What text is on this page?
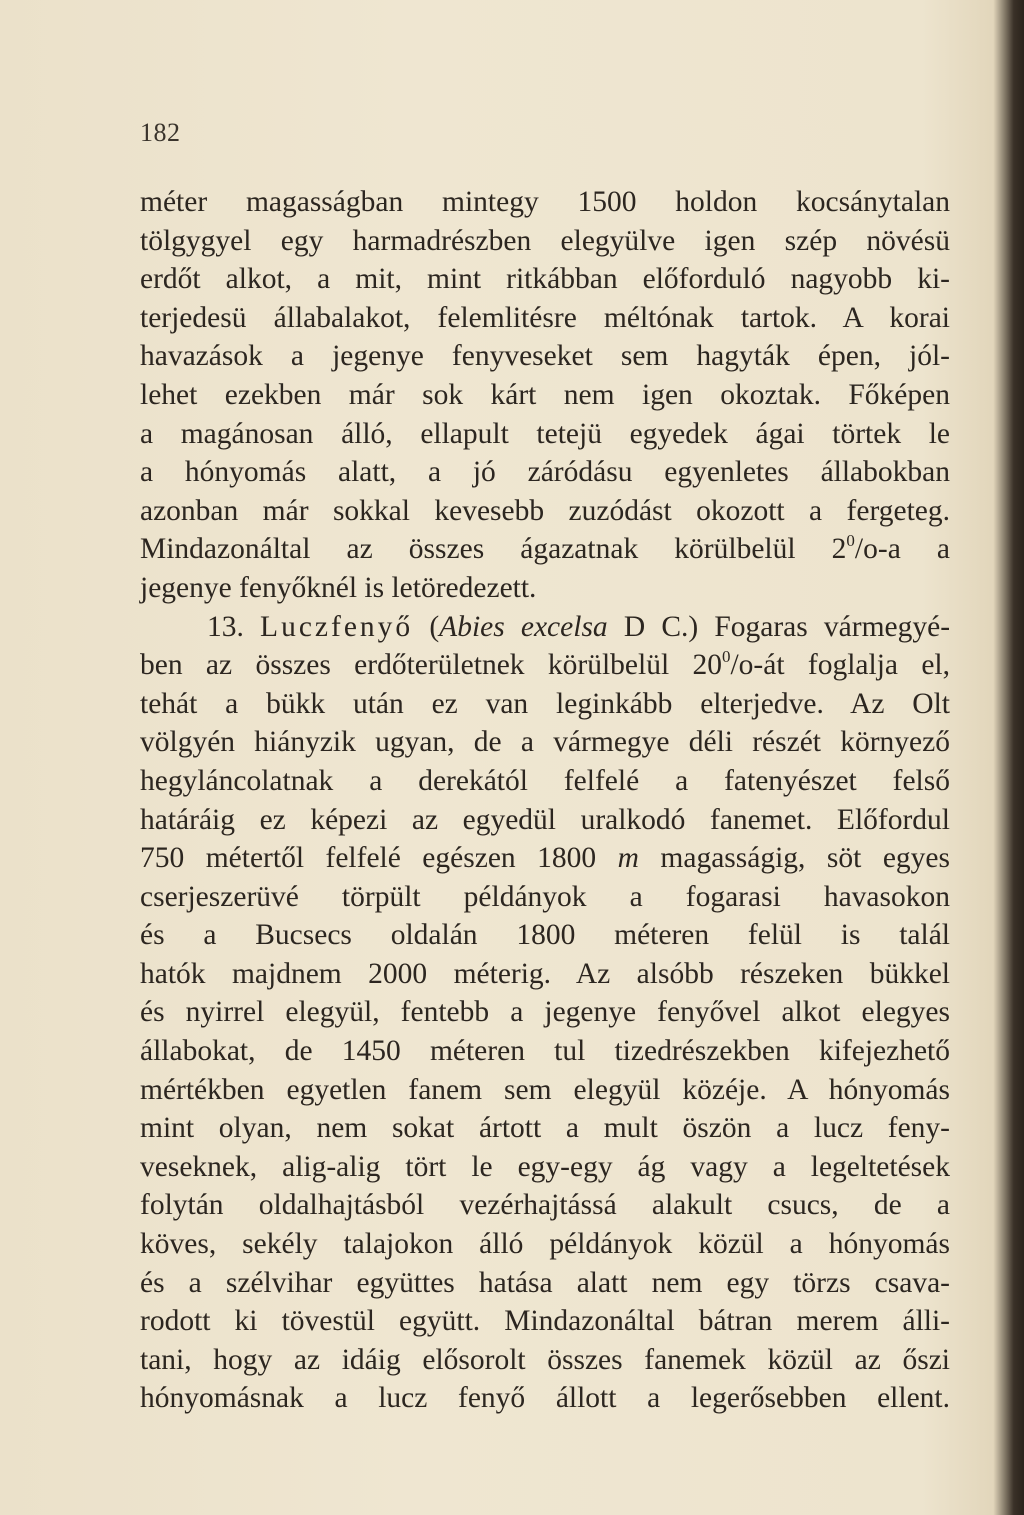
182
méter magasságban mintegy 1500 holdon kocsánytalan
tölgygyel egy harmadrészben elegyülve igen szép növésü
erdőt alkot, a mit, mint ritkábban előforduló nagyobb ki-
terjedesü állabalakot, felemlitésre méltónak tartok. A korai
havazások a jegenye fenyveseket sem hagyták épen, jól-
lehet ezekben már sok kárt nem igen okoztak. Főképen
a magánosan álló, ellapult tetejü egyedek ágai törtek le
a hónyomás alatt, a jó záródásu egyenletes állabokban
azonban már sokkal kevesebb zuzódást okozott a fergeteg.
Mindazonáltal az összes ágazatnak körülbelül $2^0/o-a$ a
jegenye fenyőknél is letöredezett.
13. Luczfenyő (Abies excelsa D C.) Fogaras vármegyé-
ben az összes erdőterületnek körülbelül $20^0/o-át$ foglalja el,
tehát a bükk után ez van leginkább elterjedve. Az Olt
völgyén hiányzik ugyan, de a vármegye déli részét környező
hegyláncolatnak a derekától felfelé a fatenyészet felső
határáig ez képezi az egyedül uralkodó fanemet. Előfordul
750 métertől felfelé egészen 1800 m magasságig, söt egyes
cserjeszerüvé törpült példányok a fogarasi havasokon
és a Bucsecs oldalán 1800 méteren felül is talál
hatók majdnem 2000 méterig. Az alsóbb részeken bükkel
és nyirrel elegyül, fentebb a jegenye fenyővel alkot elegyes
állabokat, de 1450 méteren tul tizedrészekben kifejezhető
mértékben egyetlen fanem sem elegyül közéje. A hónyomás
mint olyan, nem sokat ártott a mult öszön a lucz feny-
veseknek, alig-alig tört le egy-egy ág vagy a legeltetések
folytán oldalhajtásból vezérhajtássá alakult csucs, de a
köves, sekély talajokon álló példányok közül a hónyomás
és a szélvihar együttes hatása alatt nem egy törzs csava-
rodott ki tövestül együtt. Mindazonáltal bátran merem álli-
tani, hogy az idáig elősorolt összes fanemek közül az őszi
hónyomásnak a lucz fenyő állott a legerősebben ellent.
